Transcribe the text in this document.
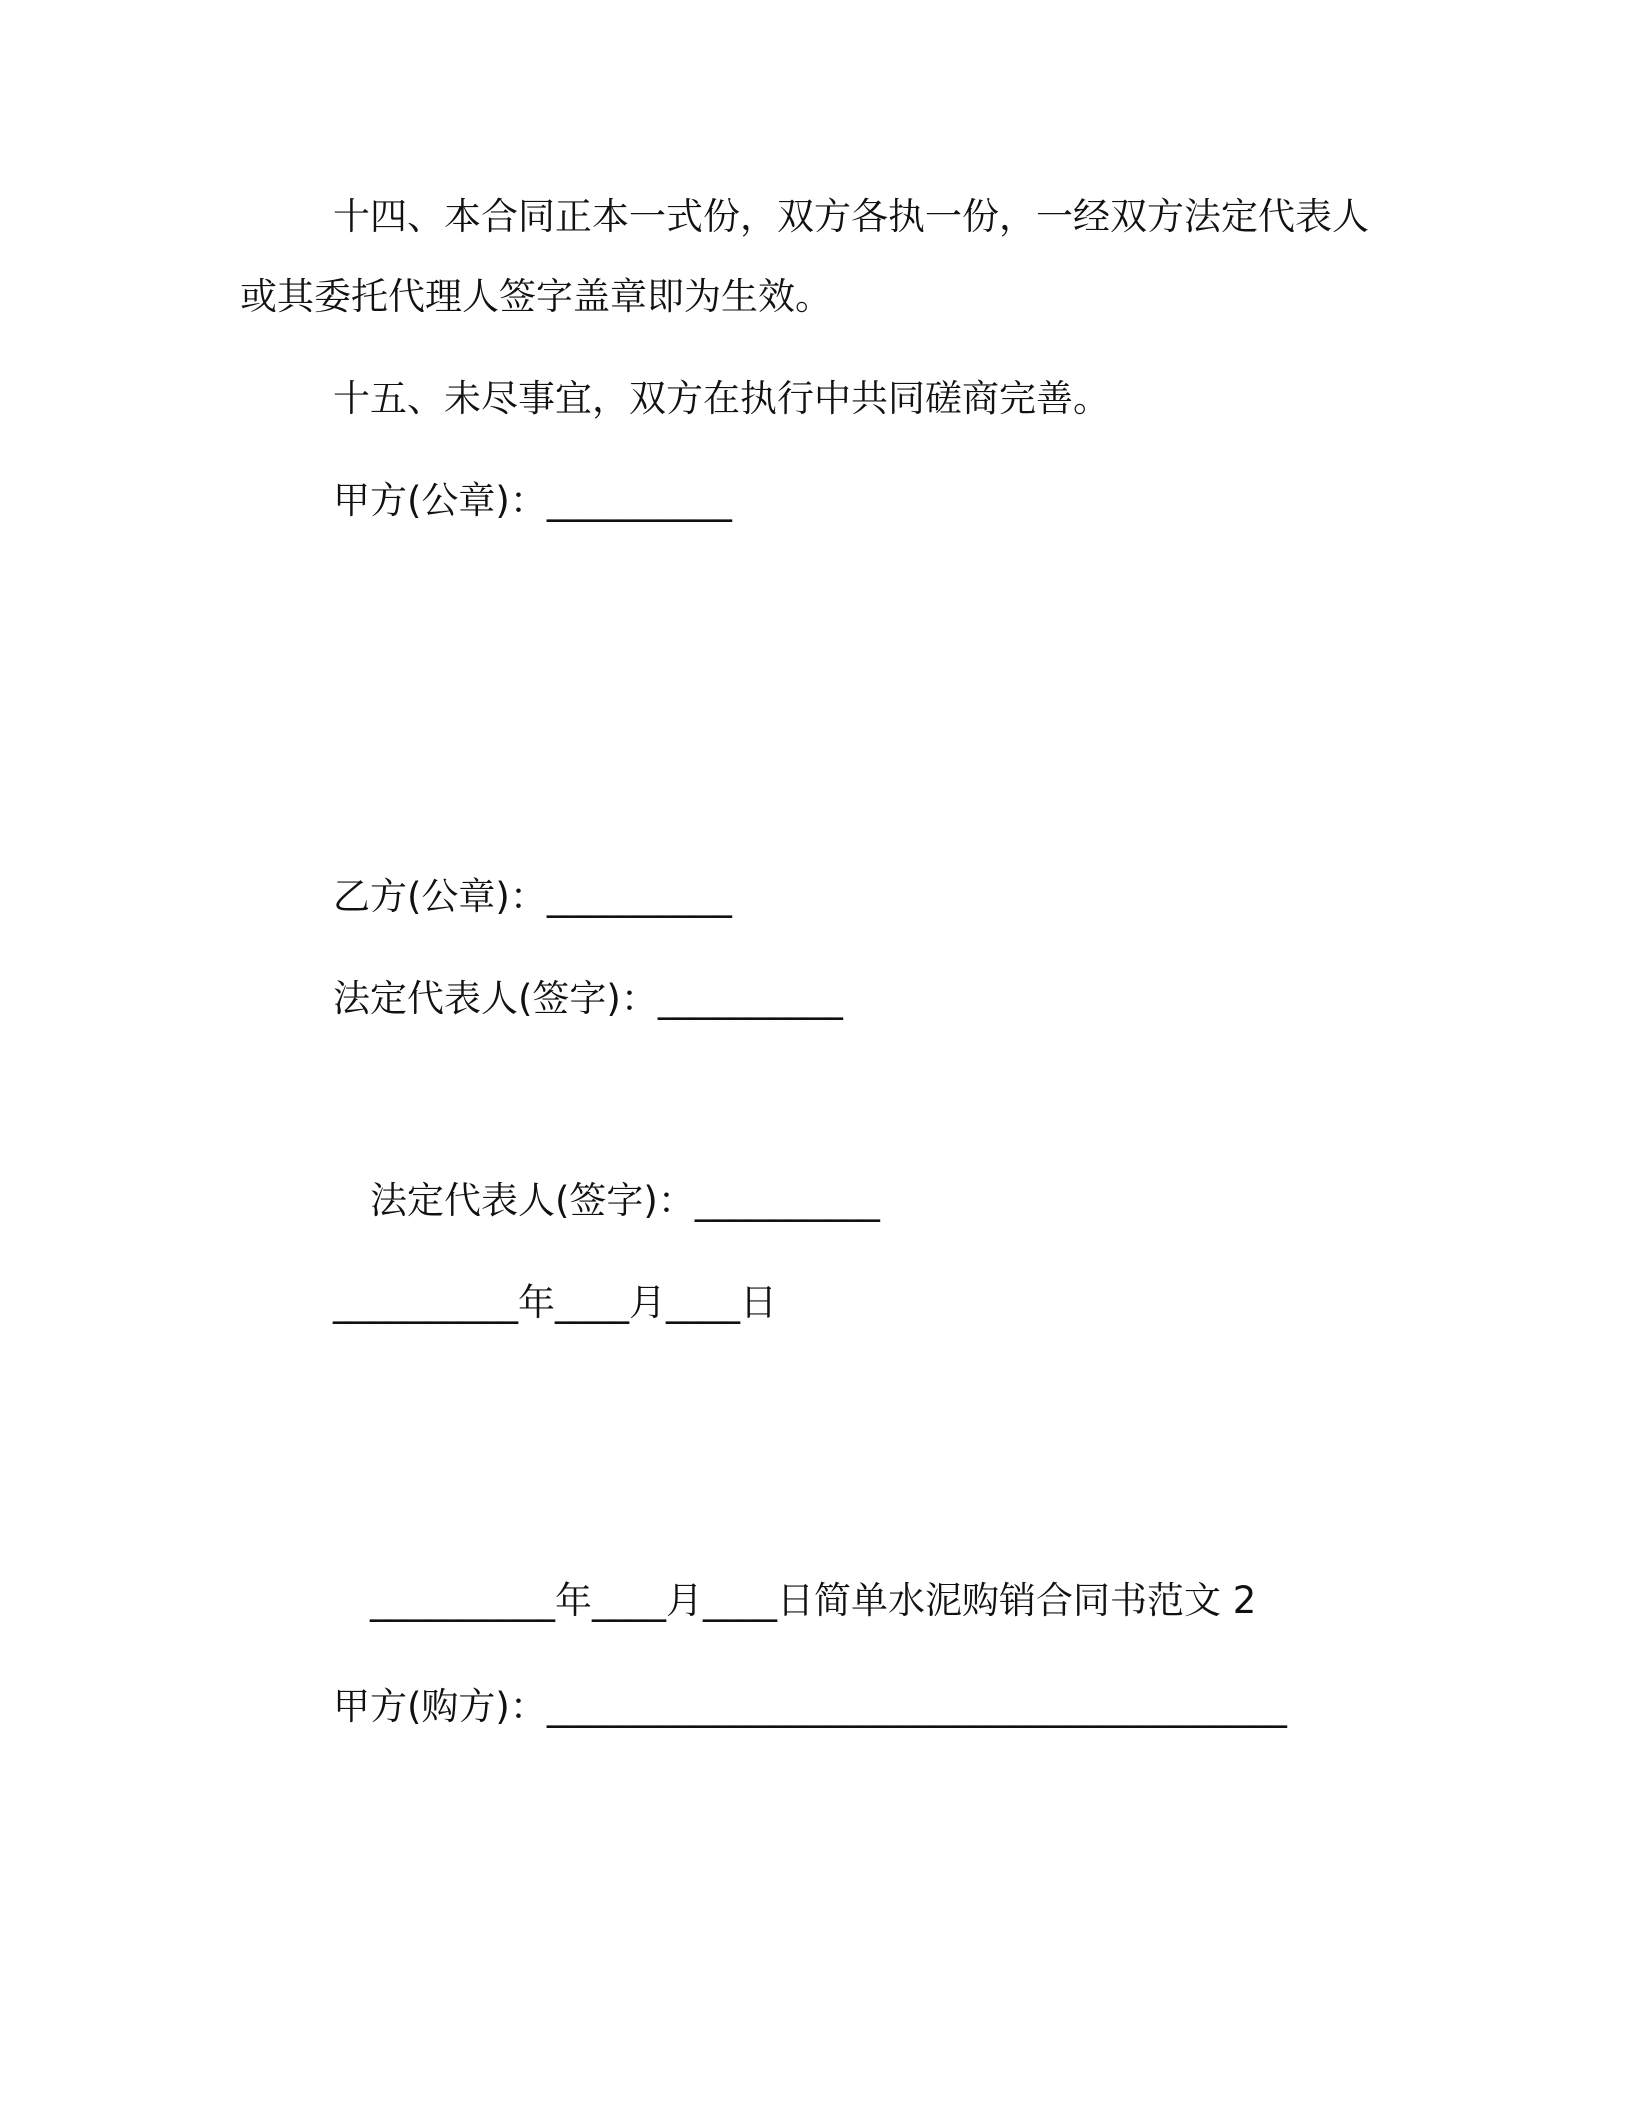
十四、本合同正本一式份，双方各执一份，一经双方法定代表人
或其委托代理人签字盖章即为生效。
十五、未尽事宜，双方在执行中共同磋商完善。
甲方(公章)：__________
乙方(公章)：__________
法定代表人(签字)：__________
法定代表人(签字)：__________
__________年____月____日
__________年____月____日简单水泥购销合同书范文 2
甲方(购方)：________________________________________
